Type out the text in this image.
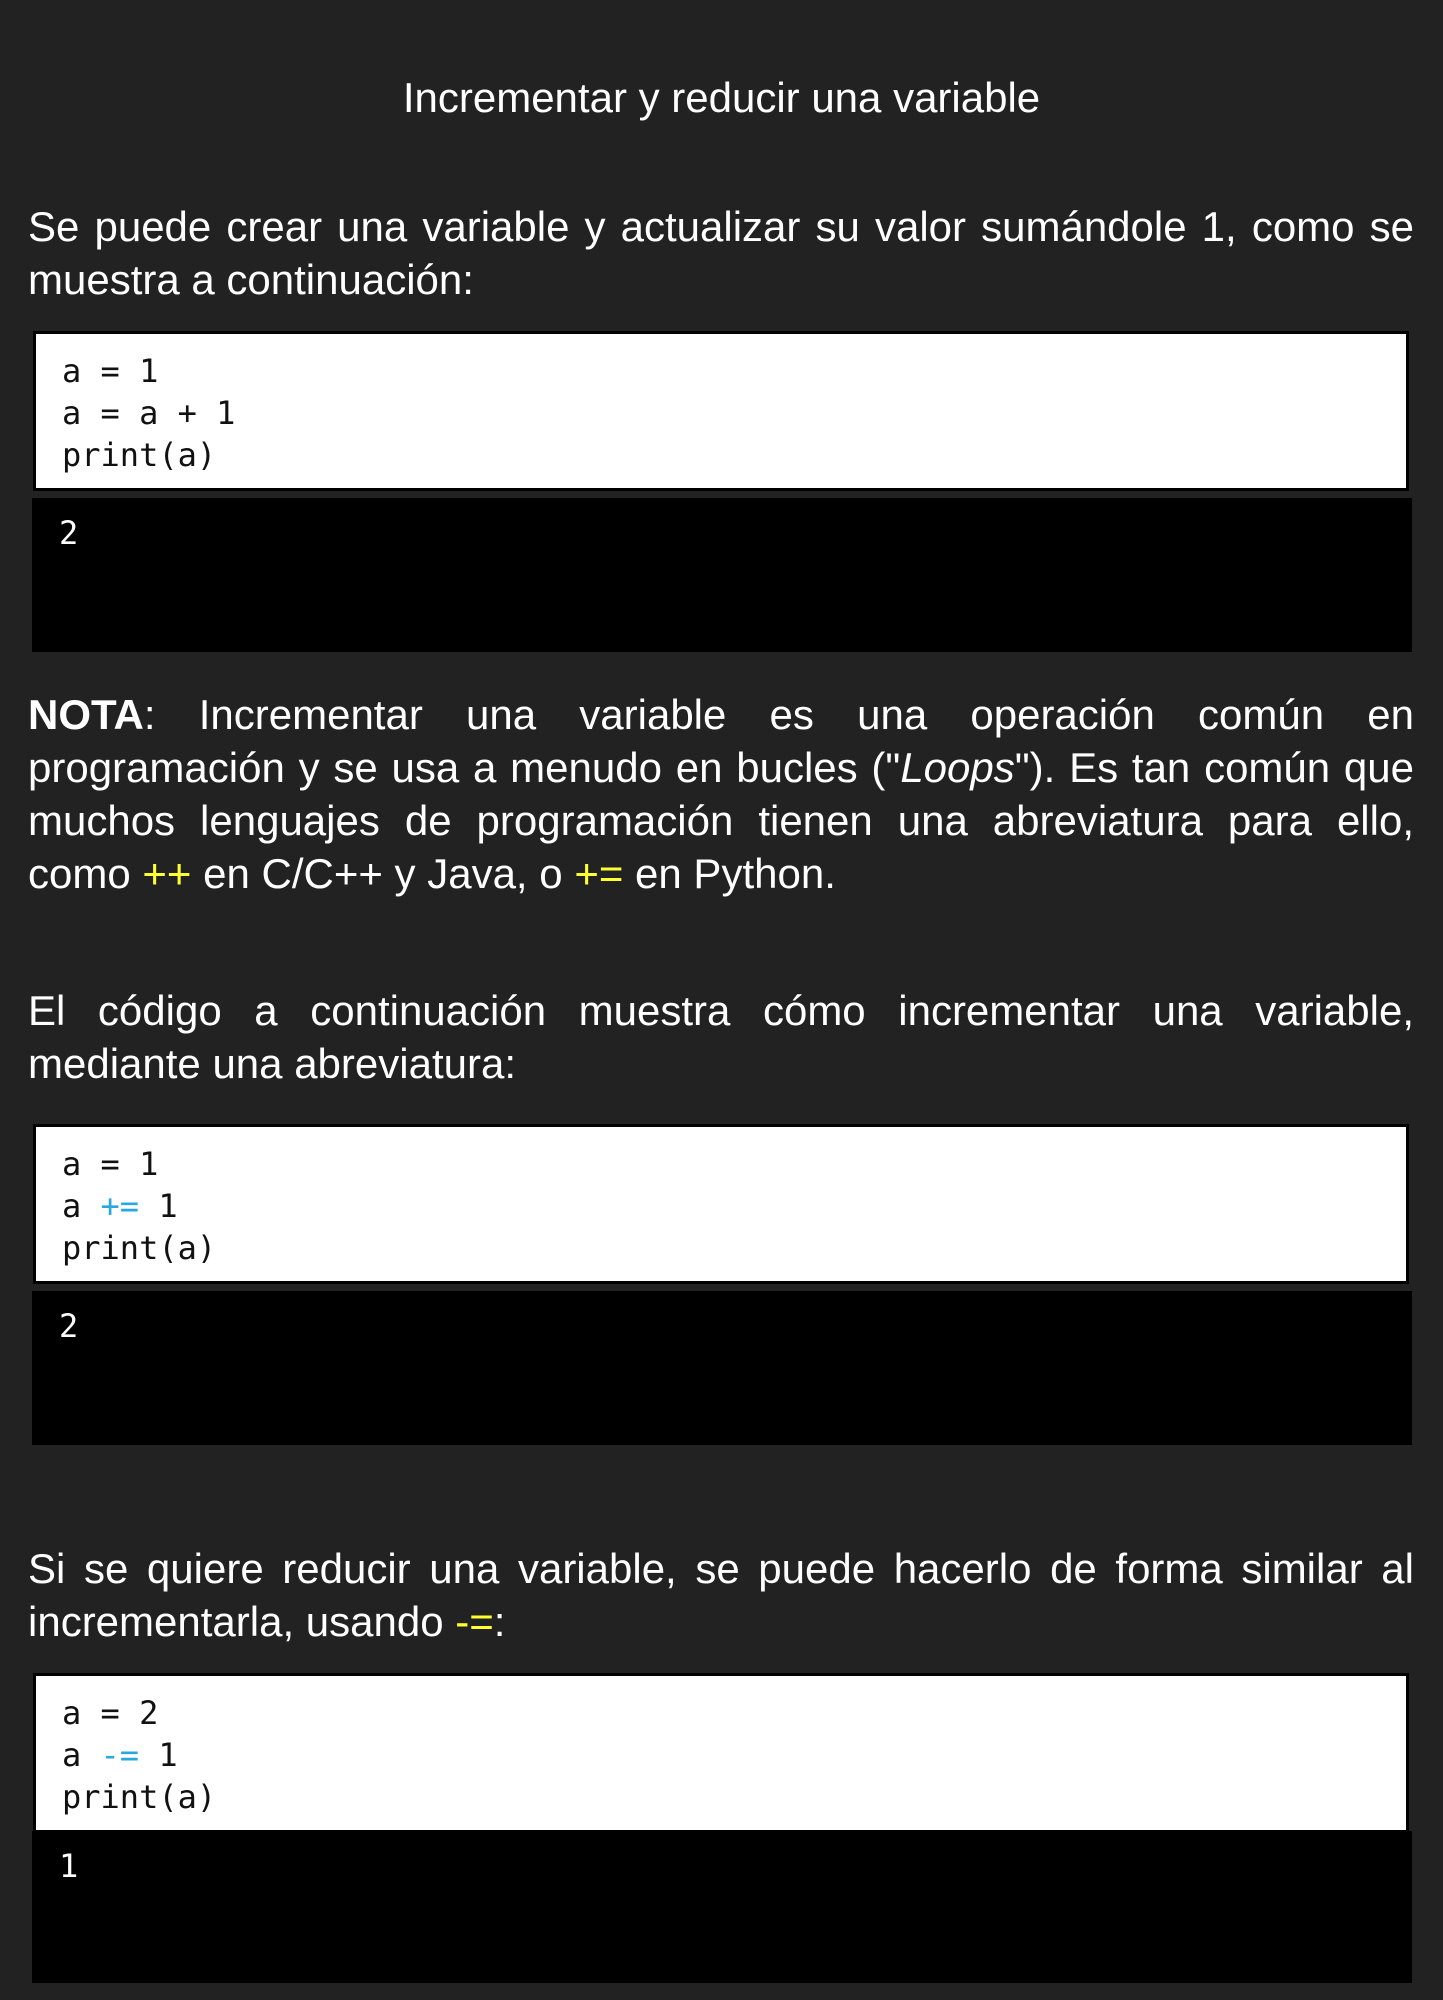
Incrementar y reducir una variable

Se puede crear una variable y actualizar su valor sumándole 1, como se muestra a continuación:

a = 1
a = a + 1
print(a)
2

NOTA: Incrementar una variable es una operación común en programación y se usa a menudo en bucles ("Loops"). Es tan común que muchos lenguajes de programación tienen una abreviatura para ello, como ++ en C/C++ y Java, o += en Python.

El código a continuación muestra cómo incrementar una variable, mediante una abreviatura:

a = 1
a += 1
print(a)
2

Si se quiere reducir una variable, se puede hacerlo de forma similar al incrementarla, usando -=:

a = 2
a -= 1
print(a)
1
